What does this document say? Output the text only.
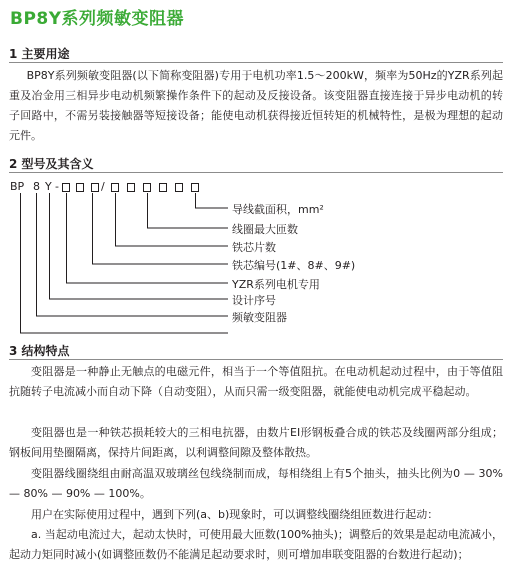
BP8Y系列频敏变阻器
1 主要用途

BP8Y系列频敏变阻器(以下简称变阻器)专用于电机功率1.5～200kW，频率为50Hz的YZR系列起重及冶金用三相异步电动机频繁操作条件下的起动及反接设备。该变阻器直接连接于异步电动机的转子回路中，不需另装接触器等短接设备；能使电动机获得接近恒转矩的机械特性，是极为理想的起动元件。

2 型号及其含义
BP 8 Y -	/
导线截面积，mm²
线圈最大匝数
铁芯片数
铁芯编号(1#、8#、9#)
YZR系列电机专用
设计序号
频敏变阻器
3 结构特点

变阻器是一种静止无触点的电磁元件，相当于一个等值阻抗。在电动机起动过程中，由于等值阻抗随转子电流减小而自动下降（自动变阻），从而只需一级变阻器，就能使电动机完成平稳起动。

变阻器也是一种铁芯损耗较大的三相电抗器，由数片EI形钢板叠合成的铁芯及线圈两部分组成；钢板间用垫圈隔离，保持片间距离，以利调整间隙及整体散热。

变阻器线圈绕组由耐高温双玻璃丝包线绕制而成，每相绕组上有5个抽头，抽头比例为0 — 30% — 80% — 90% — 100%。

用户在实际使用过程中，遇到下列(a、b)现象时，可以调整线圈绕组匝数进行起动：

a. 当起动电流过大，起动太快时，可使用最大匝数(100%抽头)；调整后的效果是起动电流减小，起动力矩同时减小(如调整匝数仍不能满足起动要求时，则可增加串联变阻器的台数进行起动)；
